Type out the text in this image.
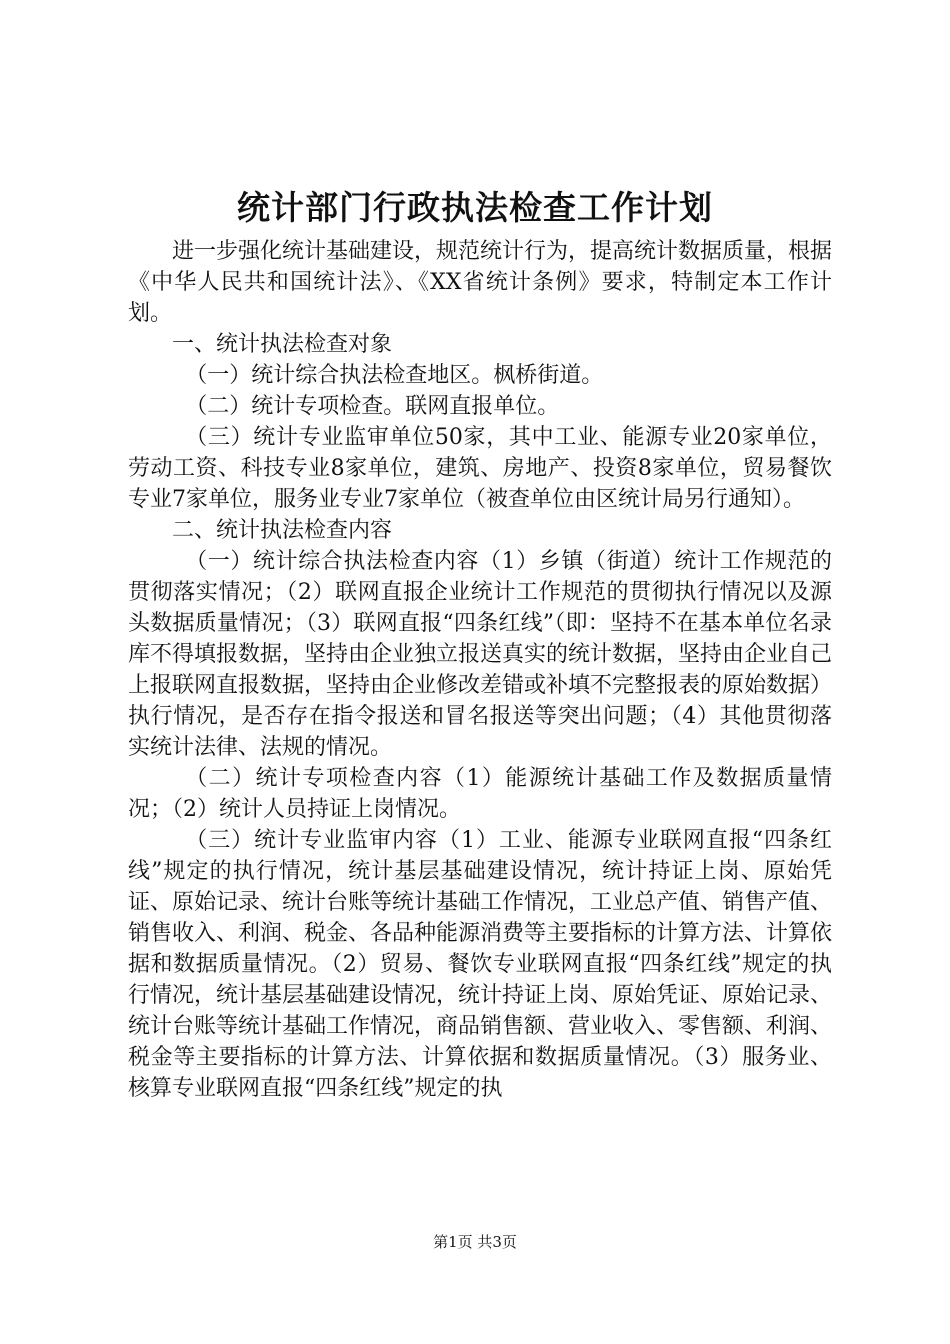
统计部门行政执法检查工作计划

进一步强化统计基础建设，规范统计行为，提高统计数据质量，根据《中华人民共和国统计法》、《XX省统计条例》要求，特制定本工作计划。

一、统计执法检查对象

（一）统计综合执法检查地区。枫桥街道。

（二）统计专项检查。联网直报单位。

（三）统计专业监审单位50家，其中工业、能源专业20家单位，劳动工资、科技专业8家单位，建筑、房地产、投资8家单位，贸易餐饮专业7家单位，服务业专业7家单位（被查单位由区统计局另行通知）。

二、统计执法检查内容

（一）统计综合执法检查内容（1）乡镇（街道）统计工作规范的贯彻落实情况；（2）联网直报企业统计工作规范的贯彻执行情况以及源头数据质量情况；（3）联网直报“四条红线”（即：坚持不在基本单位名录库不得填报数据，坚持由企业独立报送真实的统计数据，坚持由企业自己上报联网直报数据，坚持由企业修改差错或补填不完整报表的原始数据）执行情况，是否存在指令报送和冒名报送等突出问题；（4）其他贯彻落实统计法律、法规的情况。

（二）统计专项检查内容（1）能源统计基础工作及数据质量情况；（2）统计人员持证上岗情况。

（三）统计专业监审内容（1）工业、能源专业联网直报“四条红线”规定的执行情况，统计基层基础建设情况，统计持证上岗、原始凭证、原始记录、统计台账等统计基础工作情况，工业总产值、销售产值、销售收入、利润、税金、各品种能源消费等主要指标的计算方法、计算依据和数据质量情况。（2）贸易、餐饮专业联网直报“四条红线”规定的执行情况，统计基层基础建设情况，统计持证上岗、原始凭证、原始记录、统计台账等统计基础工作情况，商品销售额、营业收入、零售额、利润、税金等主要指标的计算方法、计算依据和数据质量情况。（3）服务业、核算专业联网直报“四条红线”规定的执

第1页 共3页
